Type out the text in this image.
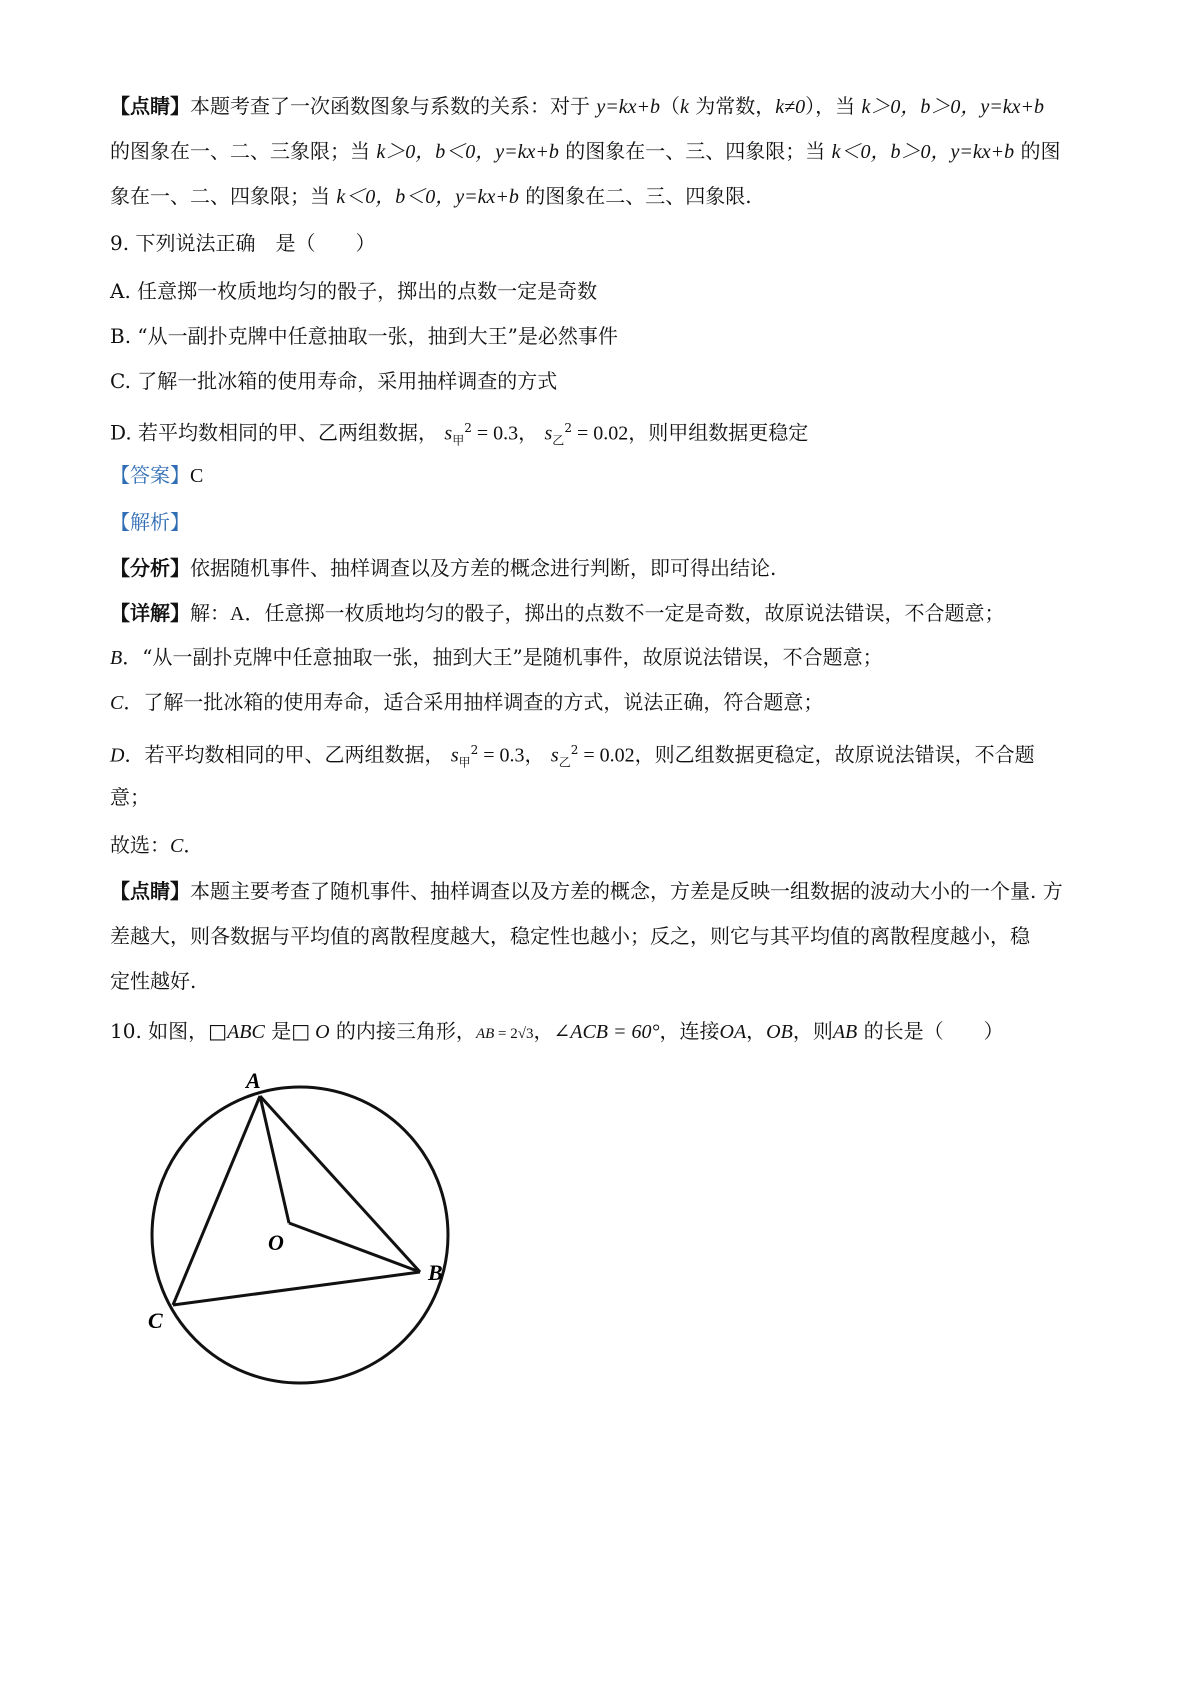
【点睛】本题考查了一次函数图象与系数的关系：对于 y=kx+b（k 为常数，k≠0），当 k＞0，b＞0，y=kx+b
的图象在一、二、三象限；当 k＞0，b＜0，y=kx+b 的图象在一、三、四象限；当 k＜0，b＞0，y=kx+b 的图
象在一、二、四象限；当 k＜0，b＜0，y=kx+b 的图象在二、三、四象限.
9. 下列说法正确　是（　　）
A. 任意掷一枚质地均匀的骰子，掷出的点数一定是奇数
B. “从一副扑克牌中任意抽取一张，抽到大王”是必然事件
C. 了解一批冰箱的使用寿命，采用抽样调查的方式
D. 若平均数相同的甲、乙两组数据， $s_甲^2 = 0.3$， $s_乙^2 = 0.02$，则甲组数据更稳定
【答案】C
【解析】
【分析】依据随机事件、抽样调查以及方差的概念进行判断，即可得出结论.
【详解】解：A．任意掷一枚质地均匀的骰子，掷出的点数不一定是奇数，故原说法错误，不合题意；
B．“从一副扑克牌中任意抽取一张，抽到大王”是随机事件，故原说法错误，不合题意；
C．了解一批冰箱的使用寿命，适合采用抽样调查的方式，说法正确，符合题意；
D．若平均数相同的甲、乙两组数据， $s_甲^2 = 0.3$， $s_乙^2 = 0.02$，则乙组数据更稳定，故原说法错误，不合题
意；
故选：C．
【点睛】本题主要考查了随机事件、抽样调查以及方差的概念，方差是反映一组数据的波动大小的一个量. 方
差越大，则各数据与平均值的离散程度越大，稳定性也越小；反之，则它与其平均值的离散程度越小，稳
定性越好.
10. 如图，□ABC 是□ O 的内接三角形，AB = 2√3，∠ACB = 60°，连接OA，OB，则AB 的长是（　　）
A
B
C
O
